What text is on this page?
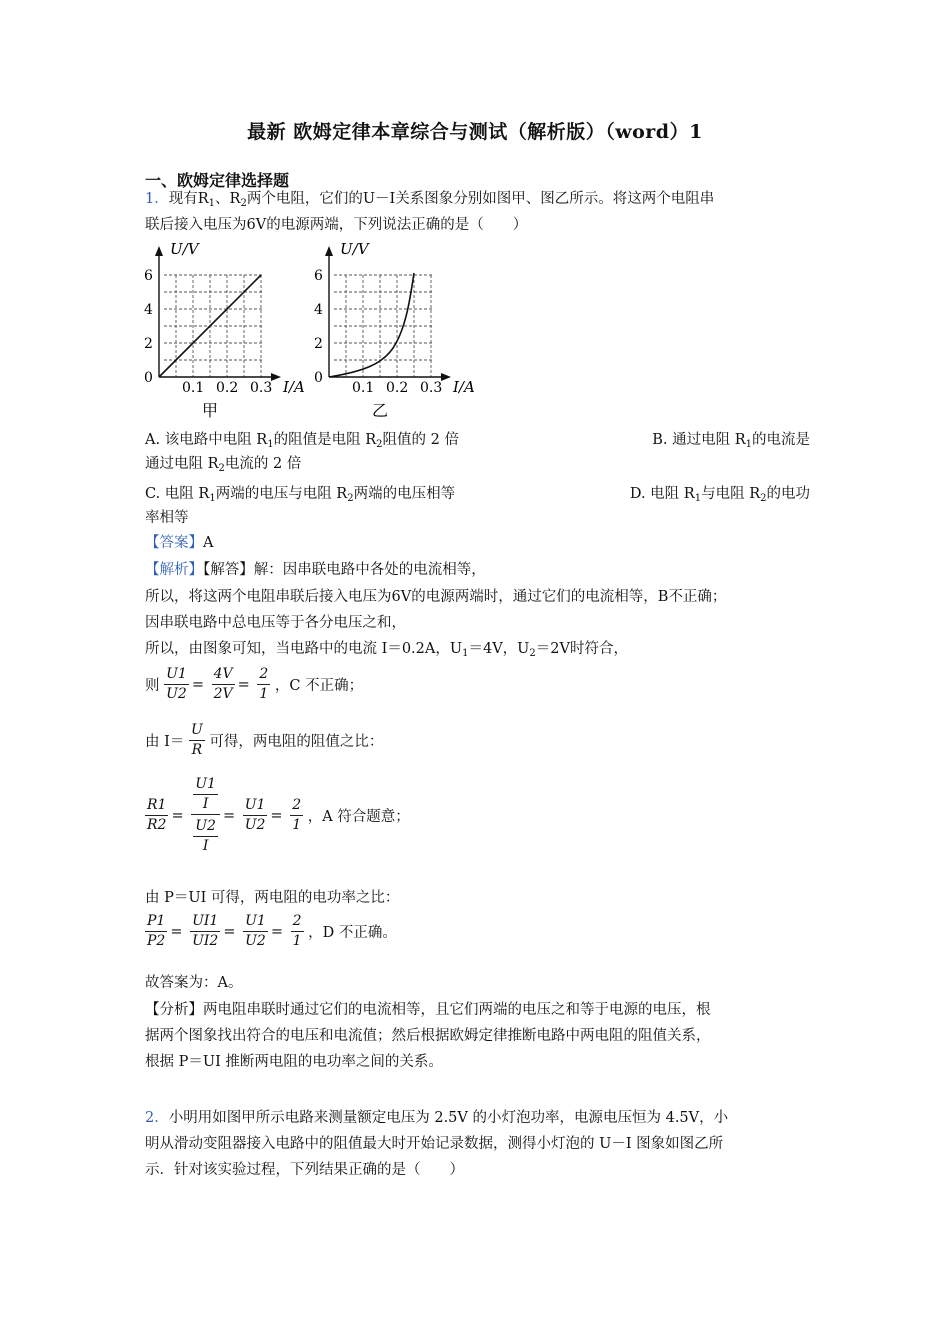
最新 欧姆定律本章综合与测试（解析版）（word）1
一、欧姆定律选择题
1．现有$R_1$、$R_2$两个电阻，它们的U－I关系图象分别如图甲、图乙所示。将这两个电阻串
联后接入电压为6V的电源两端，下列说法正确的是（　　）
U/V
0
2
4
6
0.1 0.2 0.3 I/A
甲
U/V
0
2
4
6
0.1 0.2 0.3 I/A
乙
A. 该电路中电阻 $R_1$的阻值是电阻 $R_2$阻值的 2 倍	B. 通过电阻 $R_1$的电流是
通过电阻 $R_2$电流的 2 倍
C. 电阻 $R_1$两端的电压与电阻 $R_2$两端的电压相等	D. 电阻 $R_1$与电阻 $R_2$的电功
率相等
【答案】A
【解析】【解答】解：因串联电路中各处的电流相等，
所以，将这两个电阻串联后接入电压为6V的电源两端时，通过它们的电流相等，B不正确；
因串联电路中总电压等于各分电压之和，
所以，由图象可知，当电路中的电流 I＝0.2A，$U_1=4V$，$U_2=2V$时符合，
则 $\frac{U1}{U2} = \frac{4V}{2V} = \frac{2}{1}$ ，C 不正确；
由 $I= \frac{U}{R}$ 可得，两电阻的阻值之比：
$\frac{R1}{R2} = \frac{\frac{U1}{I}}{\frac{U2}{I}} = \frac{U1}{U2} = \frac{2}{1}$ ，A 符合题意；
由 P＝UI 可得，两电阻的电功率之比：
$\frac{P1}{P2} = \frac{UI1}{UI2} = \frac{U1}{U2} = \frac{2}{1}$ ，D 不正确。
故答案为：A。
【分析】两电阻串联时通过它们的电流相等，且它们两端的电压之和等于电源的电压，根
据两个图象找出符合的电压和电流值；然后根据欧姆定律推断电路中两电阻的阻值关系，
根据 P＝UI 推断两电阻的电功率之间的关系。
2．小明用如图甲所示电路来测量额定电压为 2.5V 的小灯泡功率，电源电压恒为 4.5V，小
明从滑动变阻器接入电路中的阻值最大时开始记录数据，测得小灯泡的 U－I 图象如图乙所
示．针对该实验过程，下列结果正确的是（　　）
